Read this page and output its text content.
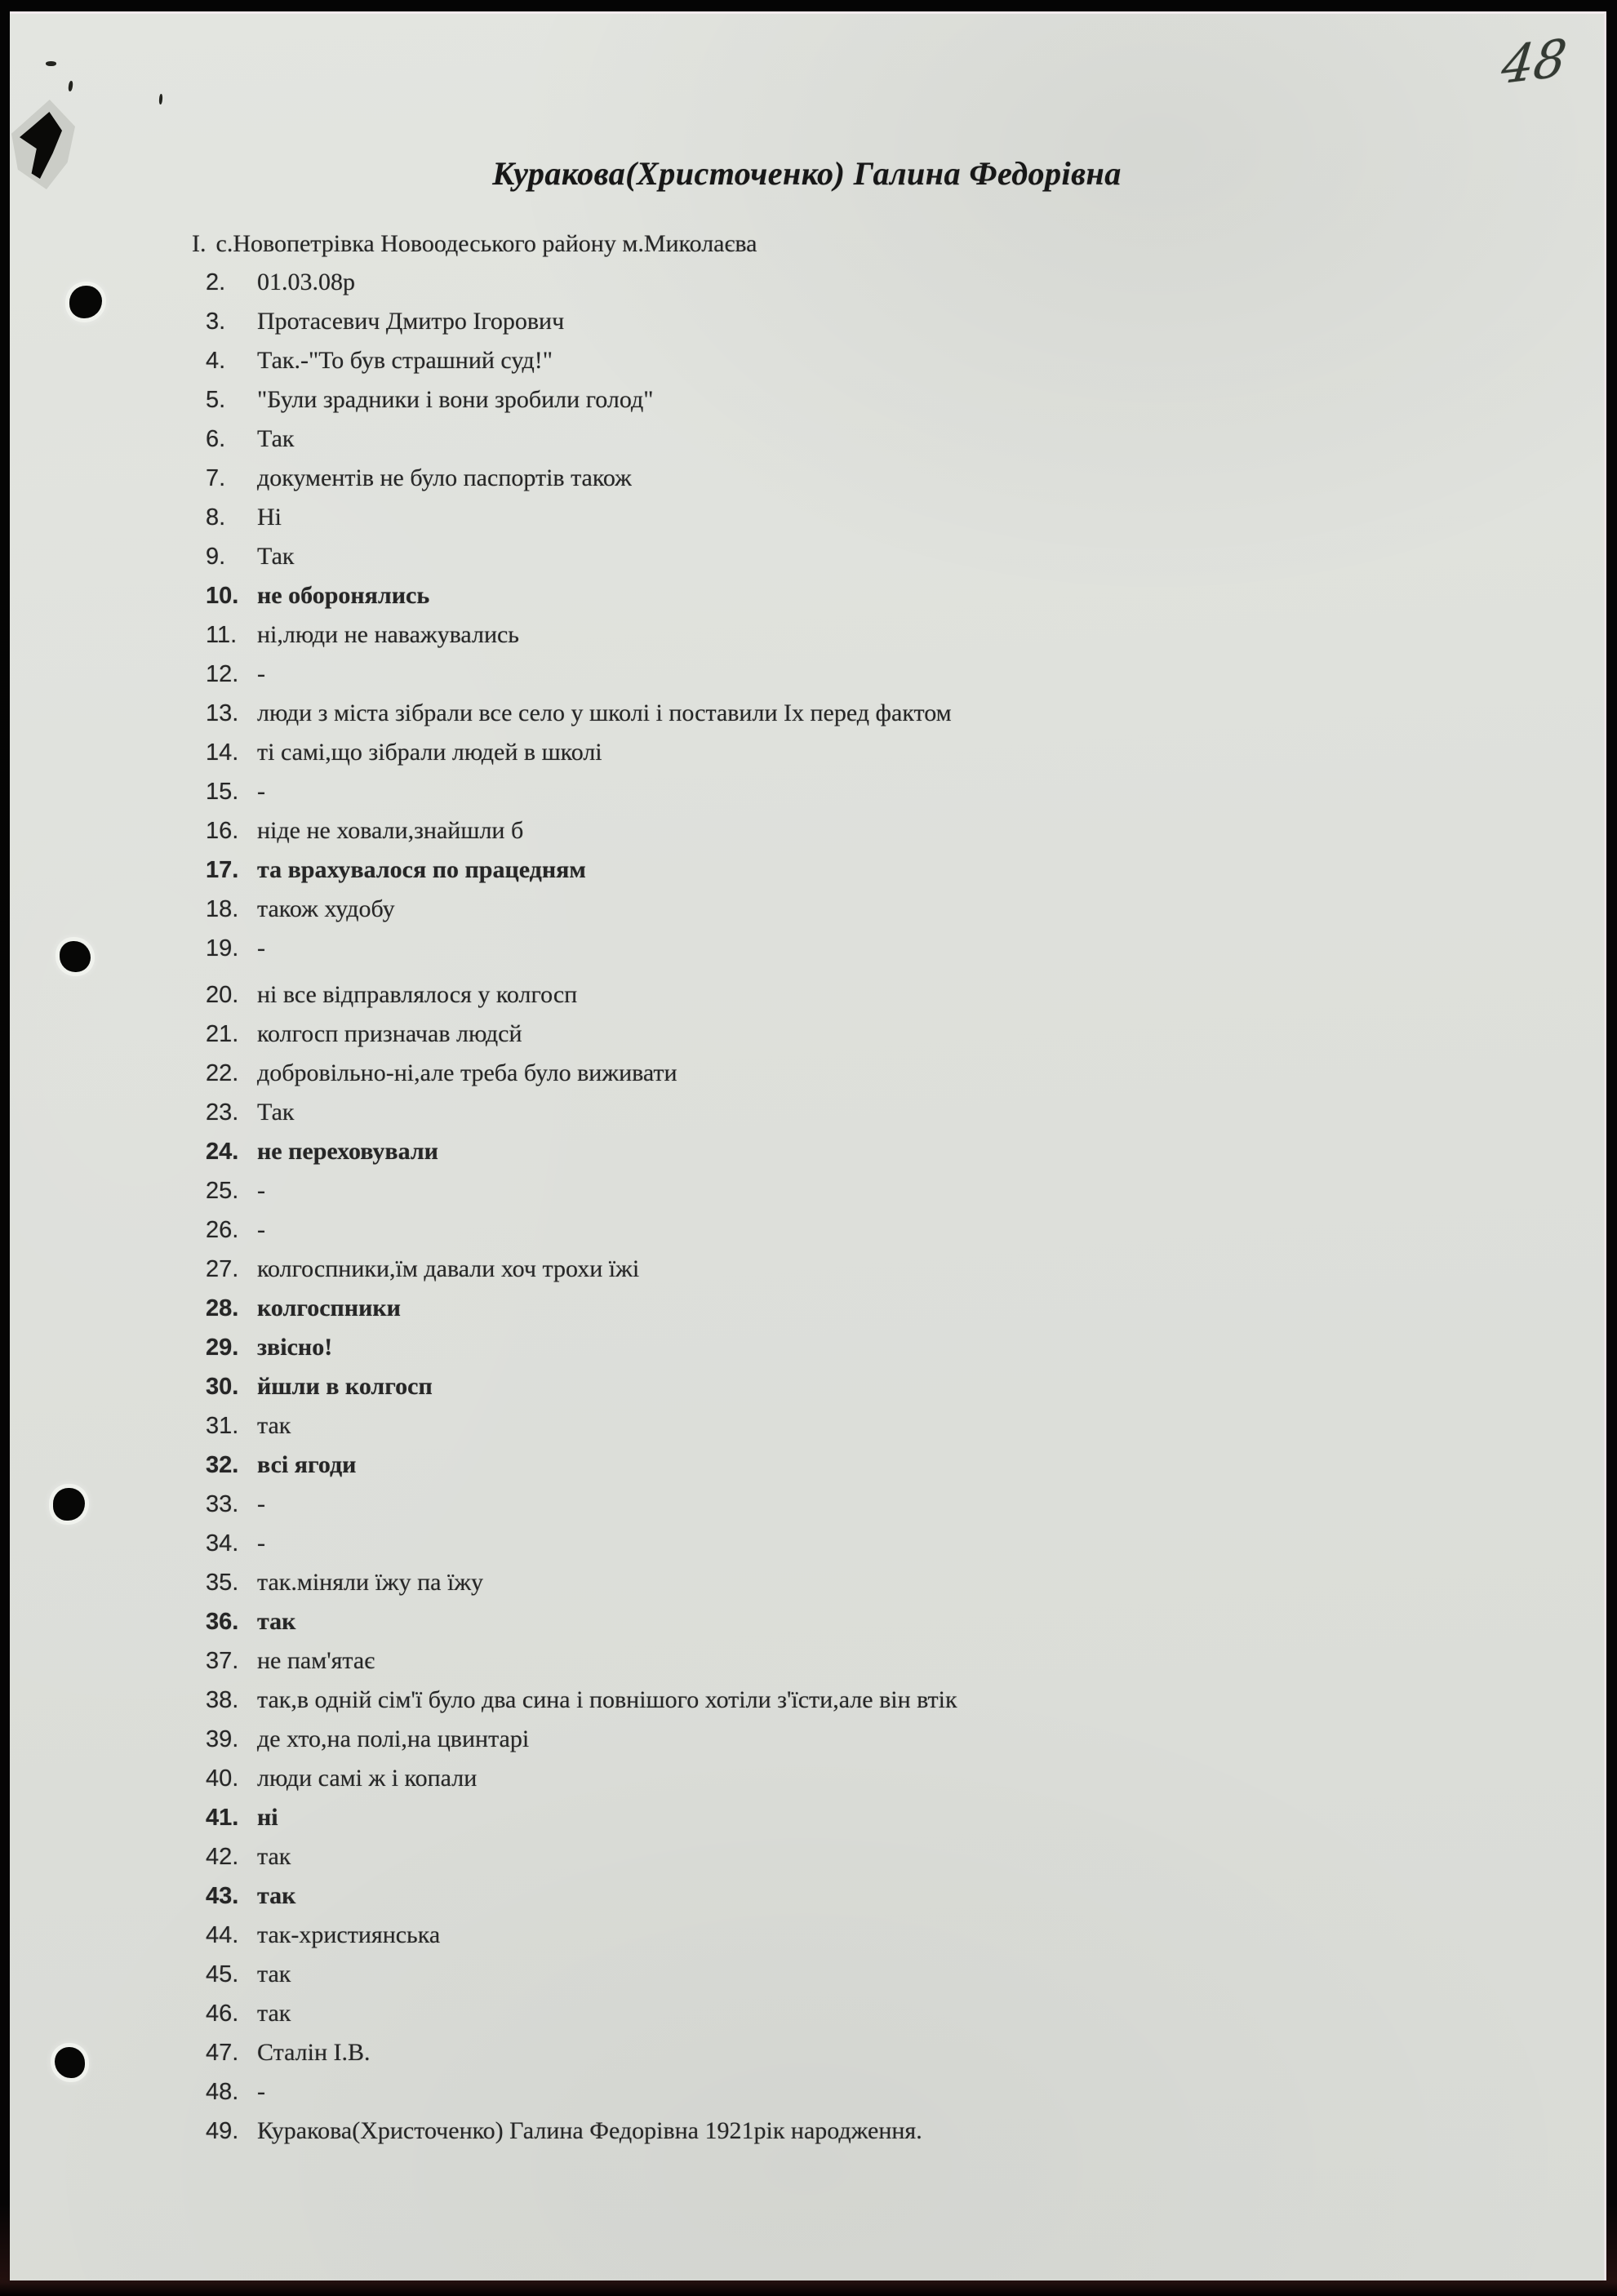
48
Куракова(Христоченко) Галина Федорівна
I. с.Новопетрівка Новоодеського району м.Миколаєва
2. 01.03.08р
3. Протасевич Дмитро Ігорович
4. Так.-"То був страшний суд!"
5. "Були зрадники і вони зробили голод"
6. Так
7. документів не було паспортів також
8. Ні
9. Так
10. не оборонялись
11. ні,люди не наважувались
12. -
13. люди з міста зібрали все село у школі і поставили Іх перед фактом
14. ті самі,що зібрали людей в школі
15. -
16. ніде не ховали,знайшли б
17. та врахувалося по працедням
18. також худобу
19. -
20. ні все відправлялося у колгосп
21. колгосп призначав людсй
22. добровільно-ні,але треба було виживати
23. Так
24. не переховували
25. -
26. -
27. колгоспники,їм давали хоч трохи їжі
28. колгоспники
29. звісно!
30. йшли в колгосп
31. так
32. всі ягоди
33. -
34. -
35. так.міняли їжу па їжу
36. так
37. не пам'ятає
38. так,в одній сім'ї було два сина і повнішого хотіли з'їсти,але він втік
39. де хто,на полі,на цвинтарі
40. люди самі ж і копали
41. ні
42. так
43. так
44. так-християнська
45. так
46. так
47. Сталін І.В.
48. -
49. Куракова(Христоченко) Галина Федорівна 1921рік народження.
